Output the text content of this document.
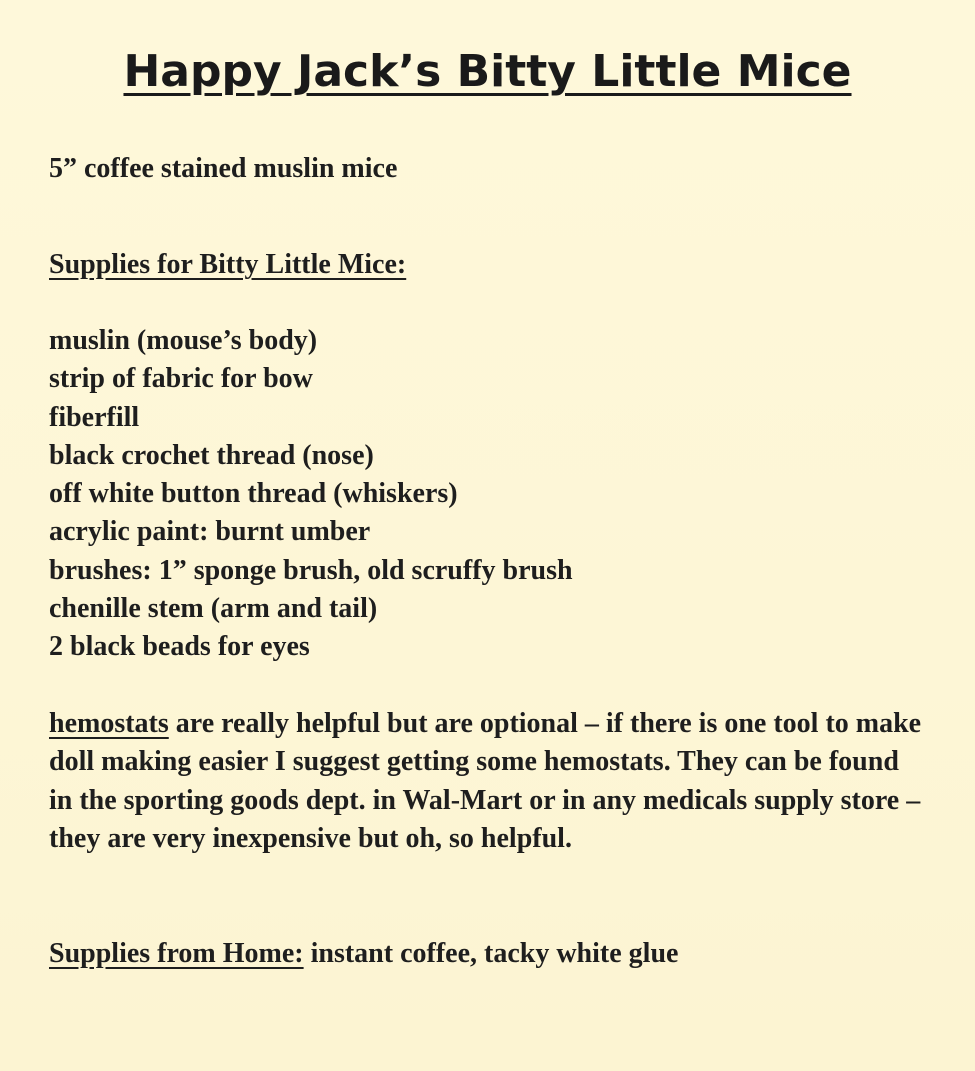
Happy Jack’s Bitty Little Mice

5” coffee stained muslin mice

Supplies for Bitty Little Mice:

muslin (mouse’s body)
strip of fabric for bow
fiberfill
black crochet thread (nose)
off white button thread (whiskers)
acrylic paint: burnt umber
brushes: 1” sponge brush, old scruffy brush
chenille stem (arm and tail)
2 black beads for eyes

hemostats are really helpful but are optional – if there is one tool to make doll making easier I suggest getting some hemostats. They can be found in the sporting goods dept. in Wal-Mart or in any medicals supply store – they are very inexpensive but oh, so helpful.

Supplies from Home: instant coffee, tacky white glue
